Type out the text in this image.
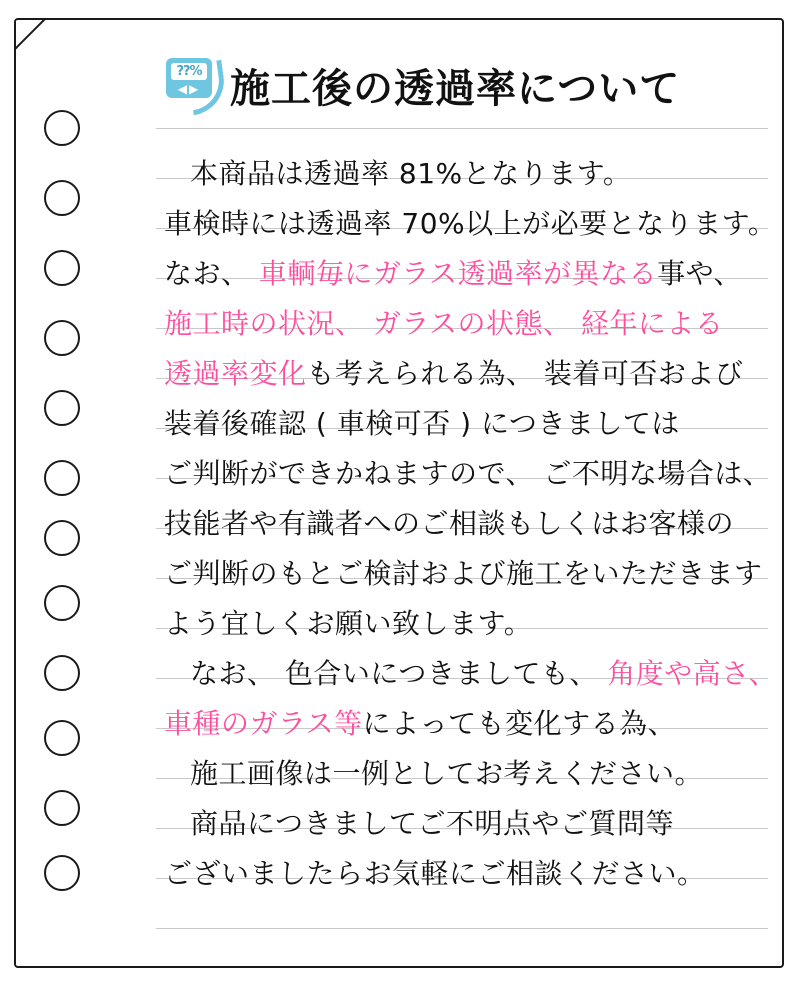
??%
◀▶ 施工後の透過率について
本商品は透過率 81%となります。
車検時には透過率 70%以上が必要となります。
なお、 車輌毎にガラス透過率が異なる事や、
施工時の状況、 ガラスの状態、 経年による
透過率変化も考えられる為、 装着可否および
装着後確認 ( 車検可否 ) につきましては
ご判断ができかねますので、 ご不明な場合は、
技能者や有識者へのご相談もしくはお客様の
ご判断のもとご検討および施工をいただきます
よう宜しくお願い致します。
なお、 色合いにつきましても、 角度や高さ、
車種のガラス等によっても変化する為、
施工画像は一例としてお考えください。
商品につきましてご不明点やご質問等
ございましたらお気軽にご相談ください。
